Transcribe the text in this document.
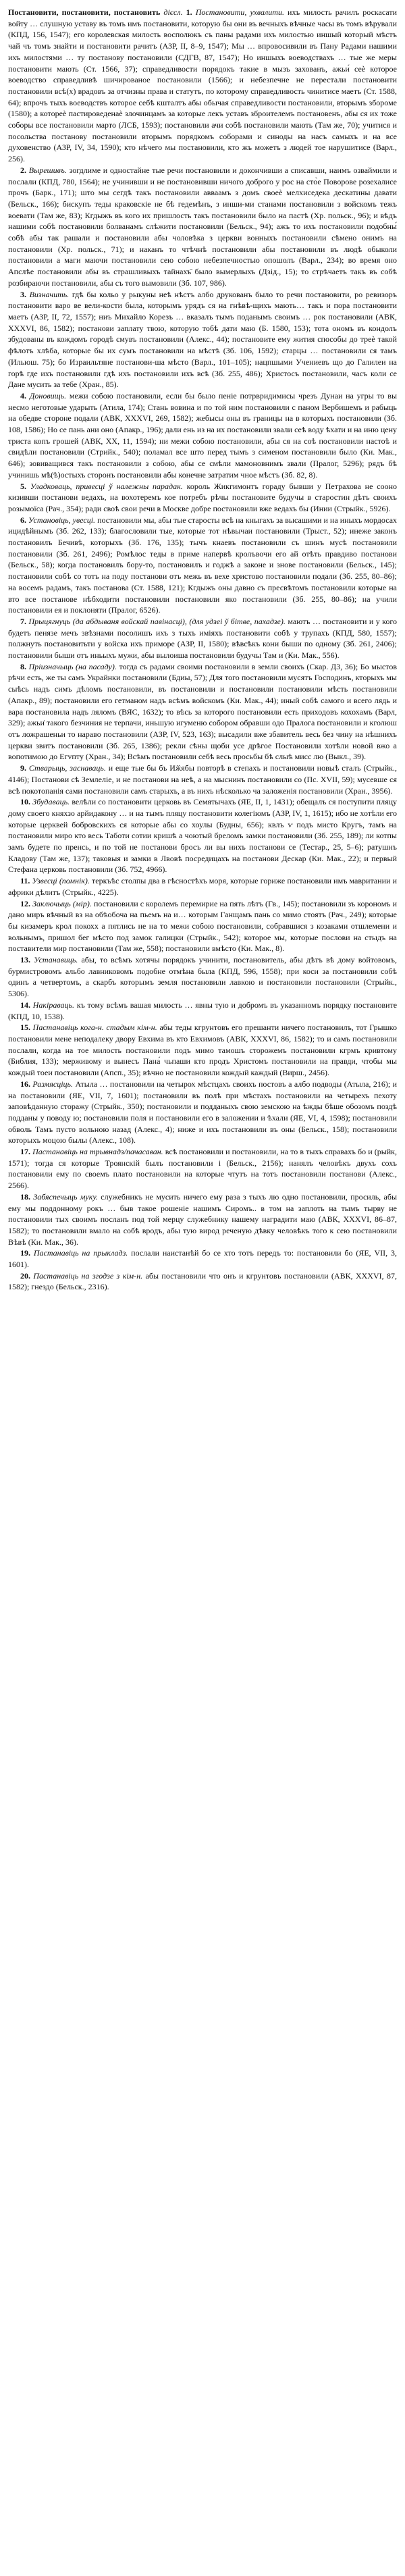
Постановити, постановити, постановить дієсл. 1. Постановити, ухвалити. ихъ милость рачилъ роскасати войту … слушную уставу въ томъ имъ постановити, которую бы они въ вечныхъ вѣчные часы въ томъ вѣрували (КПД, 156, 1547); его королевская милость восполюкъ съ паны радами ихъ милостью иншый который мѣстъ чай чъ томъ знайти и постановити рачитъ (АЗР, ІІ, 8–9, 1547); Мы … впровосивили въ Пану Радами нашими ихъ милостями … ту постанову постановили (СДГВ, 87, 1547); Но иншыхъ воеводствахъ … тые же меры постановити мають (Ст. 1566, 37); справедливости порядокъ такие в мызъ захованъ, ажьи́ сеѐ которое воеводство справедливѣ шичированое постановили (1566); и небезпечне не перестали постановити постановили всѣ(х) врадовъ за отчизны права и статутъ, по которому справедливость чинитисе маетъ (Ст. 1588, 64); впрочъ тыхъ воеводствъ которое себѣ кшталтъ абы обычая справедливости постановили, вторымъ збороме (1580); а котореѐ пастироведенаѐ злочинцамъ за которые лекъ уставъ зброителемъ постановенъ, абы ся их тоже соборы все постановили марто (ЛСБ, 1593); постановили ачи собѣ постановили мають (Там же, 70); учитися и посольства постанову постановили вторымъ порядкомъ соборами и синоды на насъ самыхъ и на все духовенство (АЗР, IV, 34, 1590); кто нѣчего мы постановили, кто жъ можетъ з людей тое нарушитисе (Варл., 256).

2. Вырешивъ. зогдлиме и одностайне тые речи постановили и докончивши а списавши, наимъ озваймили и послали (КПД, 780, 1564); не учинивши и не постановивши ничого доброго у рос на сто̀е Поворове розехалисе прочъ (Барк., 171); што мы сегдѣ такъ постановили авваамъ з домъ своеѐ мелхиседека дескатины давати (Бельск., 166); бискупъ теды краковскіе не бѣ гедемѣнъ, з инши-ми станами постановили з войскомъ тежъ воевати (Там же, 83); Кгдыжъ въ кого их пришлость такъ постановили было на пастѣ (Хр. польск., 96); и вѣдъ нашими собѣ постановили болванамъ слѣжити постановили (Бельск., 94); ажъ то ихъ постановили подобны́ собѣ абы так рашали и постановили абы чоловѣка з церкви вонныхъ постановили сѣмено онимъ на постановили (Хр. польск., 71); и наканъ то чтѣчнѣ постановили абы постановили въ людѣ обыколи постановили а маги маючи постановили сею собою небезпечностью опошолъ (Варл., 234); во время оно Апслѣе постановили абы въ страшливыхъ тайнахъ̄ было вымерлыхъ (Дзід., 15); то стрѣчаетъ такъ въ собѣ розбираючи постановили, абы съ того вымовили (Зб. 107, 986).

3. Визначить. гдѣ бы кольо у рыкуны неѣ нѣстъ албо друкованъ было то речи постановити, ро ревизоръ постановити варо ве вели-кости была, которымъ урядъ ся на гнѣвѣ-щихъ мають… такъ и пора постановити маетъ (АЗР, ІІ, 72, 1557); ниъ Михайло Корезъ … вказалъ тымъ поданымъ своимъ … рок постановили (АВК, XXXVI, 86, 1582); постанови заплату твою, которую тобѣ дати маю (Б. 1580, 153); тота ономъ въ кондолъ збудованы въ кождомъ городѣ ємувъ постановили (Алекс., 44); постановите ему жития способы до треѐ такой фѣлотъ хлѣба, которые бы их сумъ постановили на мѣстѣ (Зб. 106, 1592); старцы … постановили ся тамъ (Ильюш. 75); бо Израильтяне постанови-ша мѣсто (Варл., 101–105); нацпшыми Учениевъ що до Галилеи на горѣ где ихъ постановили гдѣ ихъ постановили ихъ всѣ (Зб. 255, 486); Христосъ постановили, часъ коли се Дане мусить за тебе (Хран., 85).

4. Доновищь. межи собою постановили, если бы было пеніе потрвридимисы чрезъ Дунаи на угры то вы несмо неготовые ударыть (Атила, 174); Стань вовина и по той ним постановили с паном Вербишемъ и рабыць на обедве стороне подали (АВК, XXXVI, 269, 1582); жебысы оны въ границы на в которыхъ постановили (Зб. 108, 1586); Но се пань ани оно (Апакр., 196); дали ень из на их постановили звали сеѣ воду ѣхати и на иню цену триста копъ грошей (АВК, XX, 11, 1594); ни межи собою постановили, абы ся на соѣ постановили настоѣ и свидѣли постановили (Стрийк., 540); поламал все што перед тымъ з сименом постановили было (Ки. Мак., 646); зовиващився такъ постановили з собою, абы се смѣли мамоновнимъ звали (Пралог, 5296); рядъ бѣ учинишь мѣ(ѣ)остыхъ сторонъ постановили абы конечне затратим чное мѣстъ (Зб. 82, 8).

5. Уладковаць, привесці ў належны парадак. король Жикгимонтъ гораду бывши у Петрахова не сооно кизивши постанови ведахъ, на вохотеремъ кое потребъ рѣчы постановите будучы в старостин дѣтъ своихъ розымоїса (Рач., 354); ради своѣ свои речи в Москве добре постановили вже ведахъ бы (Инии (Стрыйк., 5926).

6. Установіць, увесці. постановили мы, абы тые старосты всѣ на кныгахъ за высашими и на иныхъ мордосах ицидѣйнымъ (Зб. 262, 133); благословили тые, которые тот нѣвычаи постановили (Трыст., 52); инеже законъ постановилъ Бечивѣ, которыхъ (Зб. 176, 135); тычъ кнаевъ постановили съ шинъ мусѣ постановили постановили (Зб. 261, 2496); Ромѣлос теды в приме напервѣ кролъвочи его ай отѣть правдиво постанови (Бельск., 58); когда постановилъ бору-то, постановилъ и годжѣ а законе и знове постановили (Бельск., 145); постановили собѣ со тотъ на поду постанови отъ межь въ вехе христово постановили подали (Зб. 255, 80–86); на восемъ радамъ, такъ постанова (Ст. 1588, 121); Кгдыжъ оны давно съ пресвѣтомъ постановили которые на вто все постанове нѣбходити постановили постановили яко постановили (Зб. 255, 80–86); на учили постановили ея и поклоняти (Пралог, 6526).

7. Прыцягнуць (да абдываня войскай павінасці), (для удзеі ў бітве, пахадзе). маютъ … постановити и у кого будетъ пенязе мечъ звѣзнами посолишъ ихъ з тыхъ иміяхъ постановити собѣ у трупахъ (КПД, 580, 1557); полжнуть постановитьти у войска ихъ приморе (АЗР, II, 1580); вѣвсѣкъ кони быши по одному (Зб. 261, 2406); постановили быши отъ иньыхъ мужи, абы вылоиша постановили будучы Там и (Ки. Мак., 556).

8. Пріизначыць (на пасаду). тогда съ радами своими постановили в земли своихъ (Скар. Д3, 36); Бо мыстов рѣчи есть, же ты самъ Украйнки постановили (Бдиы, 57); Для того постановили мусятъ Господинъ, кторыхъ мы сыѣсь надъ симъ дѣломъ постановили, въ постановили и постановили постановили мѣсть постановили (Апакр., 89); постановили его гетманом надъ всѣмъ войскомъ (Ки. Мак., 44); иный собѣ самого и всего лядь и вара постановила надъ ляломъ (ВЯС, 1632); то вѣсь за которого постановили есть приходовъ кохохамъ (Варл, 329); ажьи̇ такого безчиния не терпачи, иньшую игуменю собором обравши одо Пралога постановили и кголюш отъ ложрашеньи то нараво постановили (АЗР, IV, 523, 163); высадили вже збавитель весь без чину на нѣшнихъ церкви звитъ постановили (Зб. 265, 1386); рекли сѣны щоби усе дрѣгое Постановили хотѣли новой вжо а вопотимою до Егvпту (Хран., 34); Всѣмъ постановили себѣ весь просьбы бѣ слыѣ мисс лю (Выкл., 39).

9. Стварыць, заснаваць. и еще тые бы бъ Иӂябы повторѣ в степахъ и постановили новыѣ сталъ (Стрыйк., 4146); Постанови сѣ Землеліе, и не постанови на неѣ, а на мыснинъ постановили со (Пс. ХVII, 59); мусевше ся всѣ покотопанія сами постановили самъ старыхъ, а въ нихъ нѣсколько ча заложенія постановили (Хран., 3956).

10. Збудаваць. велѣли со постановити церковь въ Семятычахъ (ЯЕ, II, 1, 1431); обещалъ ся поступити пляцу дому своего княхзо арйидакону … и на тымъ пляцу постановити колегіюмъ (АЗР, IV, 1, 1615); ибо не хотѣли его которые церквей бобровскихъ ся которые абы со хоулы (Будны, 656); квлъ ѵ подъ мисто Кругъ, тамъ на постановили миро кто весь Таботи сотии кришѣ а чоютый бреломъ замки постановили (Зб. 255, 189); ли котпы замъ будете по пренсь, и по той не постанови бросъ ли вы нихъ постанови се (Тестар., 25, 5–6); ратушнъ Кладову (Там же, 137); таковыя и замки в Лвовѣ посредицахъ на постанови Дескар (Ки. Мак., 22); и первый Стефана церковь постановили (Зб. 752, 4966).

11. Узвесці (помнік). теркъѣс столпы два в гѣсностѣхъ моря, которые гориже постановили имъ мавритании и африки дѣлитъ (Стрыйк., 4225).

12. Заключыць (мір). постановили с королемъ перемирие на пять лѣтъ (Гв., 145); постановили зъ корономъ и дано миръ вѣчный вз на обѣобоча на пьемъ на и… которым Ганщамъ пань со мимо стоятъ (Рач., 249); которые бы кизамеръ крол покохх а пятлись не на то межи собою постановили, собравшися з козаками отшлемени и вольнымъ, пришол бег мѣсто под замок галицки (Стрыйк., 542); которое мы, которые послови на стыдъ на поставители мир постановили (Там же, 558); постановили вмѣсто (Ки. Мак., 8).

13. Устанавиць. абы, то всѣмъ хотячы порядокъ учинити, постановитель, абы дѣтъ вѣ дому войтовомъ, бурмистровомъ альбо лавниковомъ подобне отмѣна была (КПД, 596, 1558); при коси за постановили собѣ одинъ а четвертомъ, а скарбъ которымъ земля постановили лавкою и постановили постановили (Стрыйк., 5306).

14. Накіраваць. къ тому всѣмъ вашая милость … явны тую и добромъ въ указанномъ порядку постановите (КПД, 10, 1538).

15. Пастанавіць кога-н. стадым кім-н. абы теды кгрунтовъ его прешанти ничего постановилъ, тот Грышко постановили мене неподалеку двору Евхима въ кто Евхимовъ (АВК, XXXVI, 86, 1582); то и самъ постановили послали, когда на тое милость постановили подъ мимо тамошъ сторожемъ постановили кгрмъ кривтому (Библия, 133); мерживому и вынесъ Пана́ чьпаши кто продъ Христомъ постановили на правди, чтобы мы кождый тоеи постановили (Апсп., 35); вѣчно не постановили кождый каждый (Вирш., 2456).

16. Размясціць. Атыла … постановили на четырох мѣстцахъ своихъ постовъ а албо подводы (Атыла, 216); и на постановили (ЯЕ, VII, 7, 1601); постановили въ полѣ при мѣстахъ постановили на четырехъ пехоту заповѣданную сторажу (Стрыйк., 350); постановили и подданыхъ свою земскою на ѣжды бѣше обозомъ поздѣ подданы у поводу ю; постановили поля и постановили его в заложении и ѣхали (ЯЕ, VI, 4, 1598); постановили обволь Тамъ пусто вольною назад (Алекс., 4); ниже и ихъ постановили въ оны (Бельск., 158); постановили которыхъ моцою былы (Алекс., 108).

17. Пастанавіць на трывнадз/пачасаван. всѣ постановили и постановили, на то в тыхъ справахъ бо и (рыйк, 1571); тогда ся которые Троянскій былъ постановили і (Бельск., 2156); нанялъ человѣкъ двухъ сохъ постановили ему по своемъ плато постановили на которые чтутъ на тотъ постановили постанови (Алекс., 2566).

18. Забяспечыць муку. служебникъ не мусить ничего ему раза з тыхъ лю одно постановили, просиль, абы ему мы поддонному рокъ … быв такое рошеніе нашимъ Сиромъ.. в том на заплоть на тымъ тырву не постановили тых своимъ посланъ под той мерцу служебнику нашему наградити маю (АВК, XXXVI, 86–87, 1582); то постановили вмало на собѣ вродъ, абы тую вирод реченую дѣвку человѣкъ того к сею постановили Вѣвѣ (Ки. Мак., 36).

19. Пастанавіць на прыкладз. послали наистанѣй бо се хто тотъ передъ то: постановили бо (ЯЕ, VII, 3, 1601).

20. Пастанавіць на згодзе з кім-н. абы постановили что онъ и кгрунтовъ постановили (АВК, XXXVI, 87, 1582); гнездо (Бельск., 2316).
